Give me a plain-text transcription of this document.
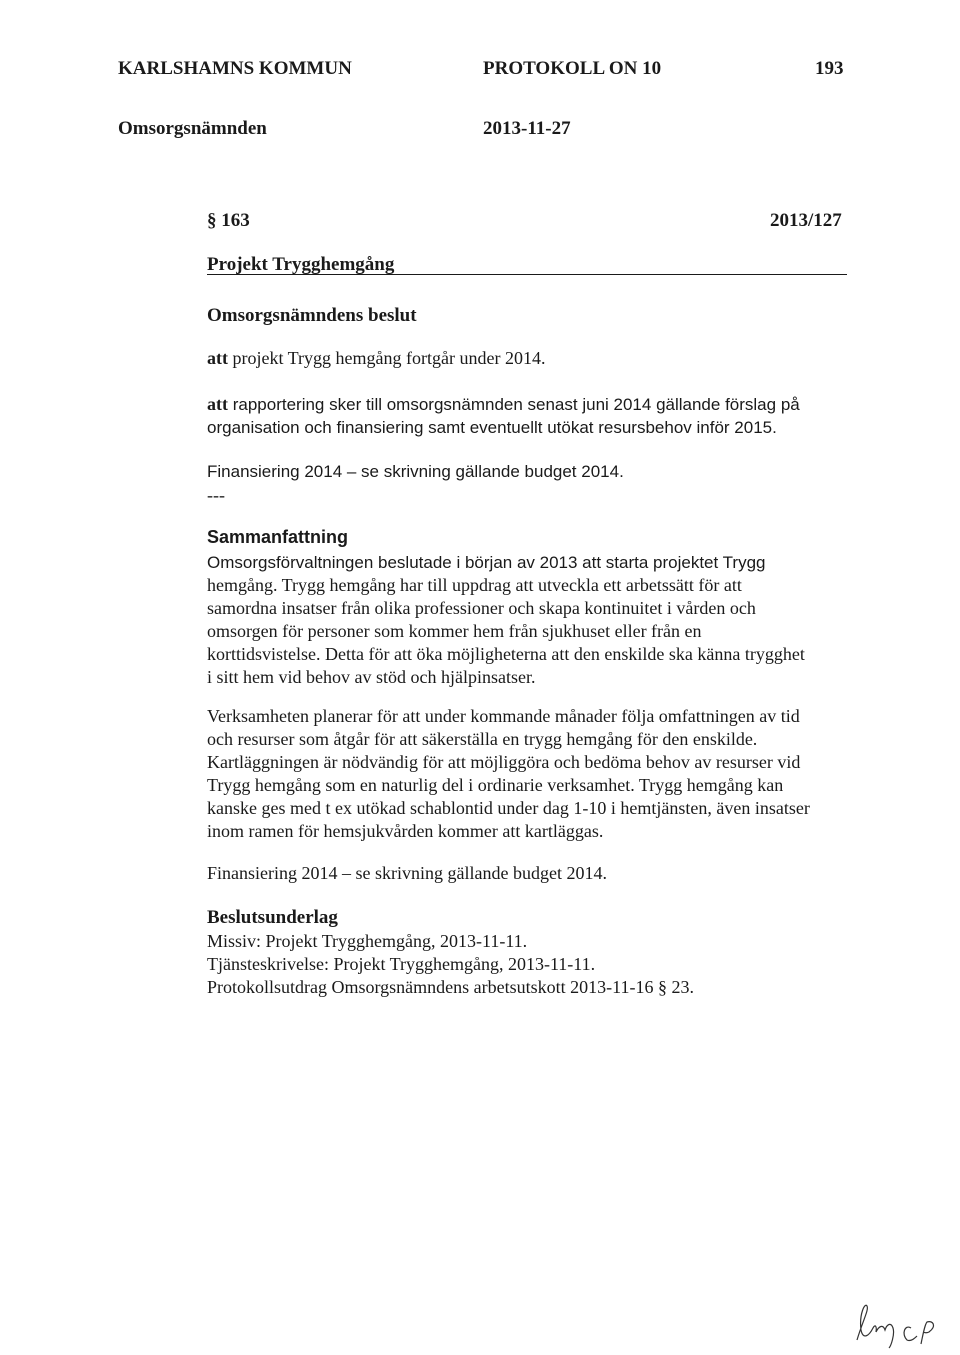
KARLSHAMNS KOMMUN	PROTOKOLL ON 10	193
Omsorgsnämnden	2013-11-27
§ 163	2013/127
Projekt Trygghemgång
Omsorgsnämndens beslut
att projekt Trygg hemgång fortgår under 2014.
att rapportering sker till omsorgsnämnden senast juni 2014 gällande förslag på
organisation och finansiering samt eventuellt utökat resursbehov inför 2015.
Finansiering 2014 – se skrivning gällande budget 2014.
---
Sammanfattning
Omsorgsförvaltningen beslutade i början av 2013 att starta projektet Trygg
hemgång. Trygg hemgång har till uppdrag att utveckla ett arbetssätt för att
samordna insatser från olika professioner och skapa kontinuitet i vården och
omsorgen för personer som kommer hem från sjukhuset eller från en
korttidsvistelse. Detta för att öka möjligheterna att den enskilde ska känna trygghet
i sitt hem vid behov av stöd och hjälpinsatser.
Verksamheten planerar för att under kommande månader följa omfattningen av tid
och resurser som åtgår för att säkerställa en trygg hemgång för den enskilde.
Kartläggningen är nödvändig för att möjliggöra och bedöma behov av resurser vid
Trygg hemgång som en naturlig del i ordinarie verksamhet. Trygg hemgång kan
kanske ges med t ex utökad schablontid under dag 1-10 i hemtjänsten, även insatser
inom ramen för hemsjukvården kommer att kartläggas.
Finansiering 2014 – se skrivning gällande budget 2014.
Beslutsunderlag
Missiv: Projekt Trygghemgång, 2013-11-11.
Tjänsteskrivelse: Projekt Trygghemgång, 2013-11-11.
Protokollsutdrag Omsorgsnämndens arbetsutskott 2013-11-16 § 23.
